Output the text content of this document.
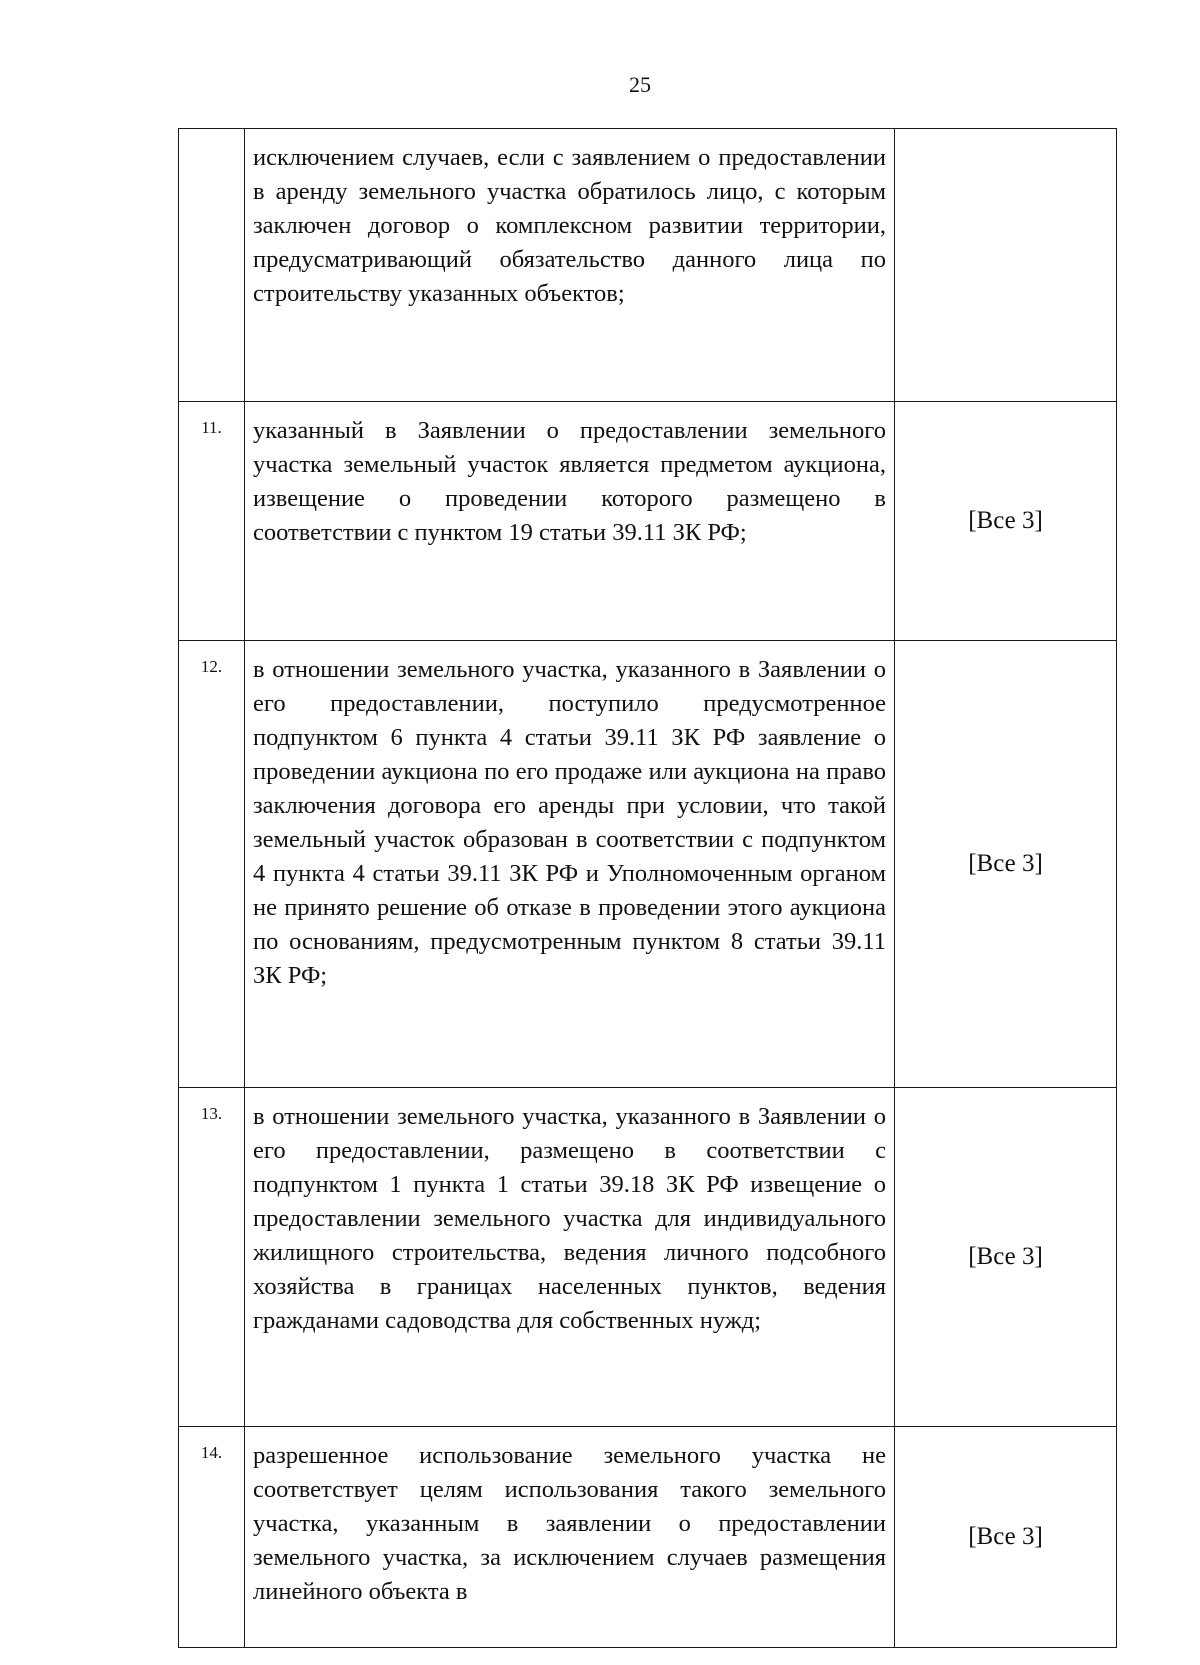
25
	исключением случаев, если с заявлением о предоставлении в аренду земельного участка обратилось лицо, с которым заключен договор о комплексном развитии территории, предусматривающий обязательство данного лица по строительству указанных объектов;	
11.	указанный в Заявлении о предоставлении земельного участка земельный участок является предметом аукциона, извещение о проведении которого размещено в соответствии с пунктом 19 статьи 39.11 ЗК РФ;	[Все 3]
12.	в отношении земельного участка, указанного в Заявлении о его предоставлении, поступило предусмотренное подпунктом 6 пункта 4 статьи 39.11 ЗК РФ заявление о проведении аукциона по его продаже или аукциона на право заключения договора его аренды при условии, что такой земельный участок образован в соответствии с подпунктом 4 пункта 4 статьи 39.11 ЗК РФ и Уполномоченным органом не принято решение об отказе в проведении этого аукциона по основаниям, предусмотренным пунктом 8 статьи 39.11 ЗК РФ;	[Все 3]
13.	в отношении земельного участка, указанного в Заявлении о его предоставлении, размещено в соответствии с подпунктом 1 пункта 1 статьи 39.18 ЗК РФ извещение о предоставлении земельного участка для индивидуального жилищного строительства, ведения личного подсобного хозяйства в границах населенных пунктов, ведения гражданами садоводства для собственных нужд;	[Все 3]
14.	разрешенное использование земельного участка не соответствует целям использования такого земельного участка, указанным в заявлении о предоставлении земельного участка, за исключением случаев размещения линейного объекта в	[Все 3]
